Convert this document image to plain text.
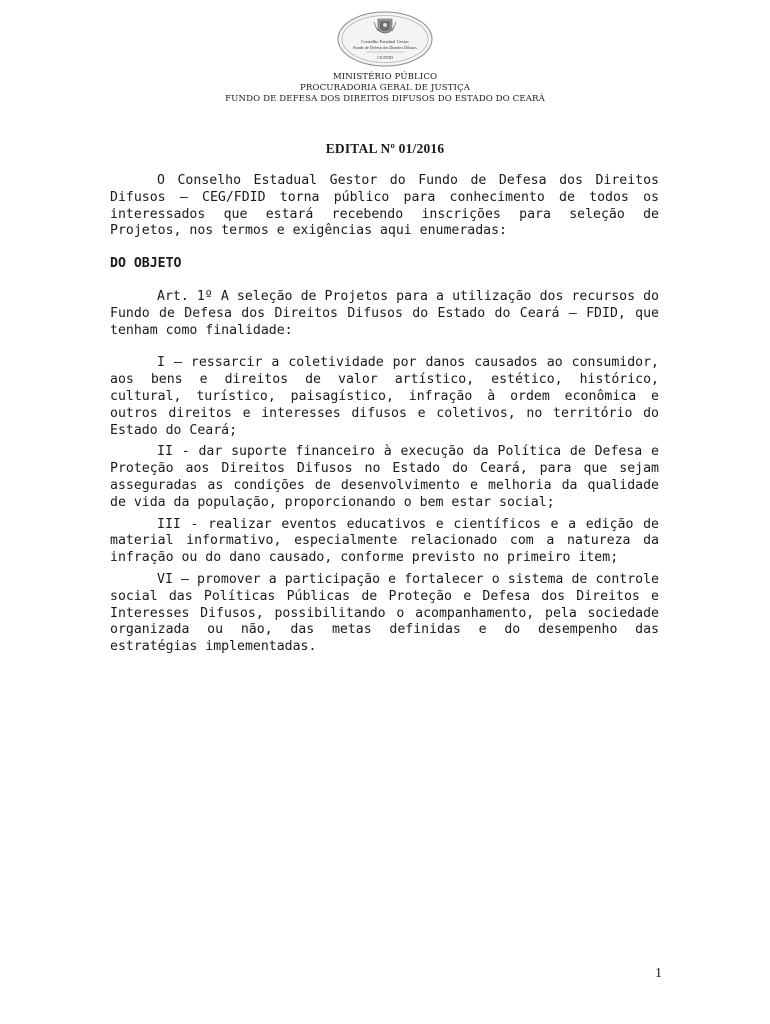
Conselho Estadual Gestor
Fundo de Defesa dos Direitos Difusos
CE/FDID
MINISTÉRIO PÚBLICO
PROCURADORIA GERAL DE JUSTIÇA
FUNDO DE DEFESA DOS DIREITOS DIFUSOS DO ESTADO DO CEARÁ
EDITAL Nº 01/2016

O Conselho Estadual Gestor do Fundo de Defesa dos Direitos Difusos – CEG/FDID torna público para conhecimento de todos os interessados que estará recebendo inscrições para seleção de Projetos, nos termos e exigências aqui enumeradas:

DO OBJETO

Art. 1º A seleção de Projetos para a utilização dos recursos do Fundo de Defesa dos Direitos Difusos do Estado do Ceará – FDID, que tenham como finalidade:

I – ressarcir a coletividade por danos causados ao consumidor, aos bens e direitos de valor artístico, estético, histórico, cultural, turístico, paisagístico, infração à ordem econômica e outros direitos e interesses difusos e coletivos, no território do Estado do Ceará;

II - dar suporte financeiro à execução da Política de Defesa e Proteção aos Direitos Difusos no Estado do Ceará, para que sejam asseguradas as condições de desenvolvimento e melhoria da qualidade de vida da população, proporcionando o bem estar social;

III - realizar eventos educativos e científicos e a edição de material informativo, especialmente relacionado com a natureza da infração ou do dano causado, conforme previsto no primeiro item;

VI – promover a participação e fortalecer o sistema de controle social das Políticas Públicas de Proteção e Defesa dos Direitos e Interesses Difusos, possibilitando o acompanhamento, pela sociedade organizada ou não, das metas definidas e do desempenho das estratégias implementadas.

1
